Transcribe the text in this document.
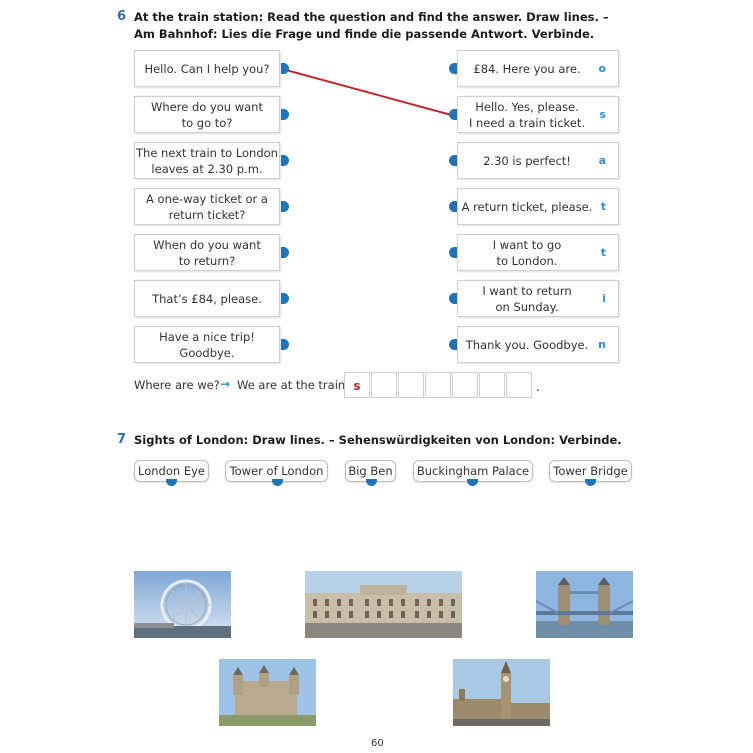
6 At the train station: Read the question and find the answer. Draw lines. –
Am Bahnhof: Lies die Frage und finde die passende Antwort. Verbinde.
Hello. Can I help you?
Where do you want
to go to?
The next train to London
leaves at 2.30 p.m.
A one-way ticket or a
return ticket?
When do you want
to return?
That’s £84, please.
Have a nice trip!
Goodbye.
£84. Here you are. o
Hello. Yes, please.
I need a train ticket.
s
2.30 is perfect!	a
A return ticket, please. t
I want to go
to London.
t
I want to return
on Sunday.
i
Thank you. Goodbye. n
Where are we? → We are at the train s	.
7 Sights of London: Draw lines. – Sehenswürdigkeiten von London: Verbinde.
London Eye	Tower of London	Big Ben	Buckingham Palace	Tower Bridge
60
